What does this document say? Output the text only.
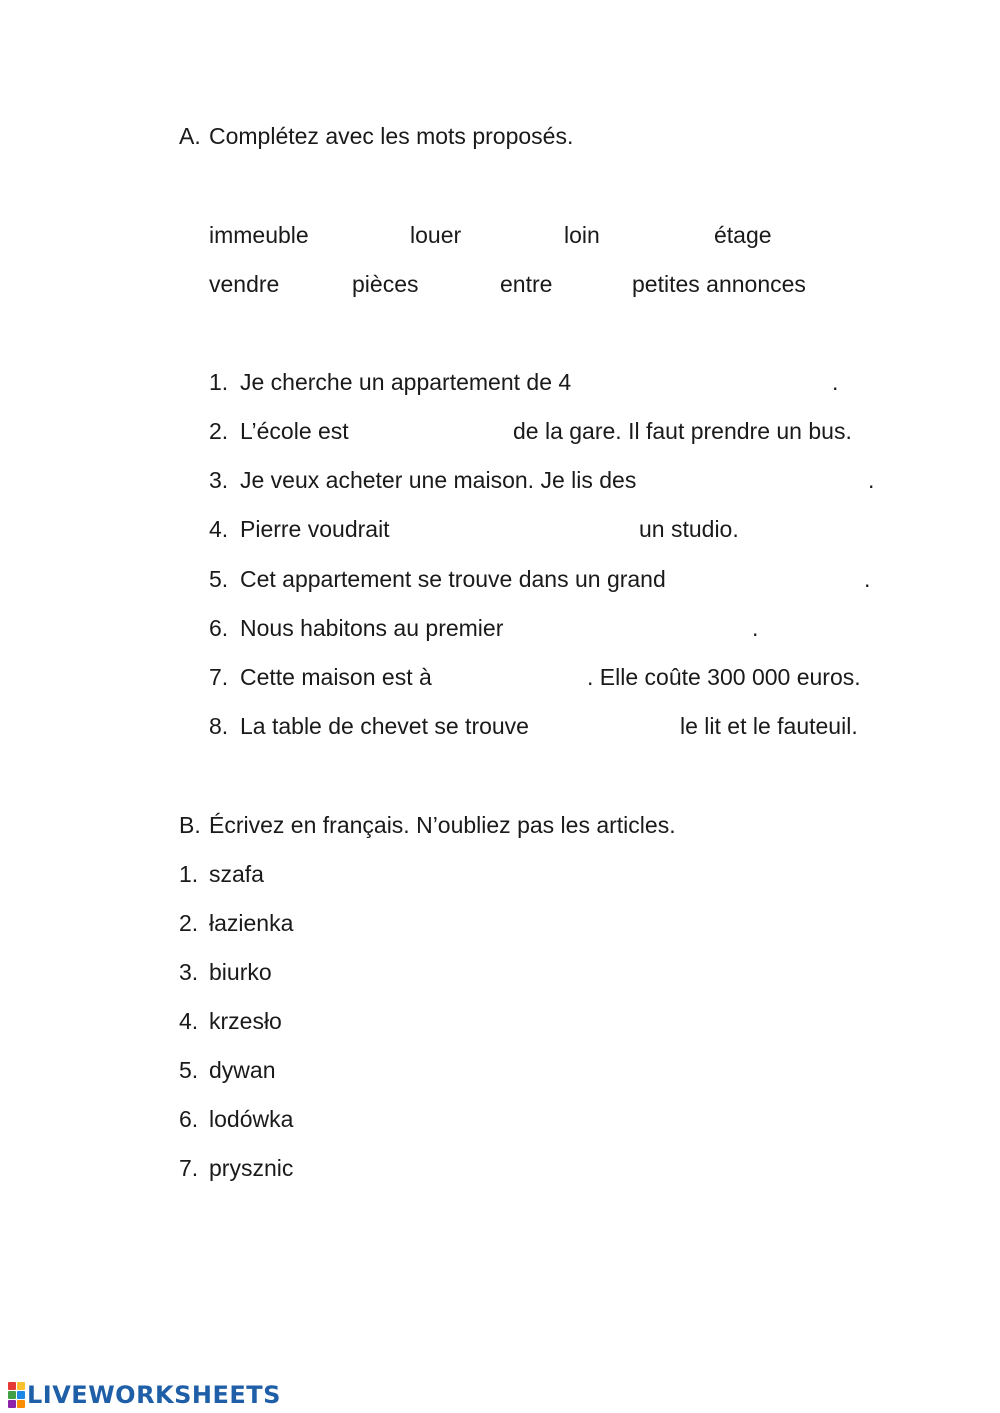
A. Complétez avec les mots proposés.
immeuble	louer	loin	étage
vendre	pièces	entre	petites annonces
1. Je cherche un appartement de 4	.
2. L’école est	de la gare. Il faut prendre un bus.
3. Je veux acheter une maison. Je lis des	.
4. Pierre voudrait	un studio.
5. Cet appartement se trouve dans un grand	.
6. Nous habitons au premier	.
7. Cette maison est à	. Elle coûte 300 000 euros.
8. La table de chevet se trouve	le lit et le fauteuil.
B. Écrivez en français. N’oubliez pas les articles.
1. szafa
2. łazienka
3. biurko
4. krzesło
5. dywan
6. lodówka
7. prysznic
LIVEWORKSHEETS
